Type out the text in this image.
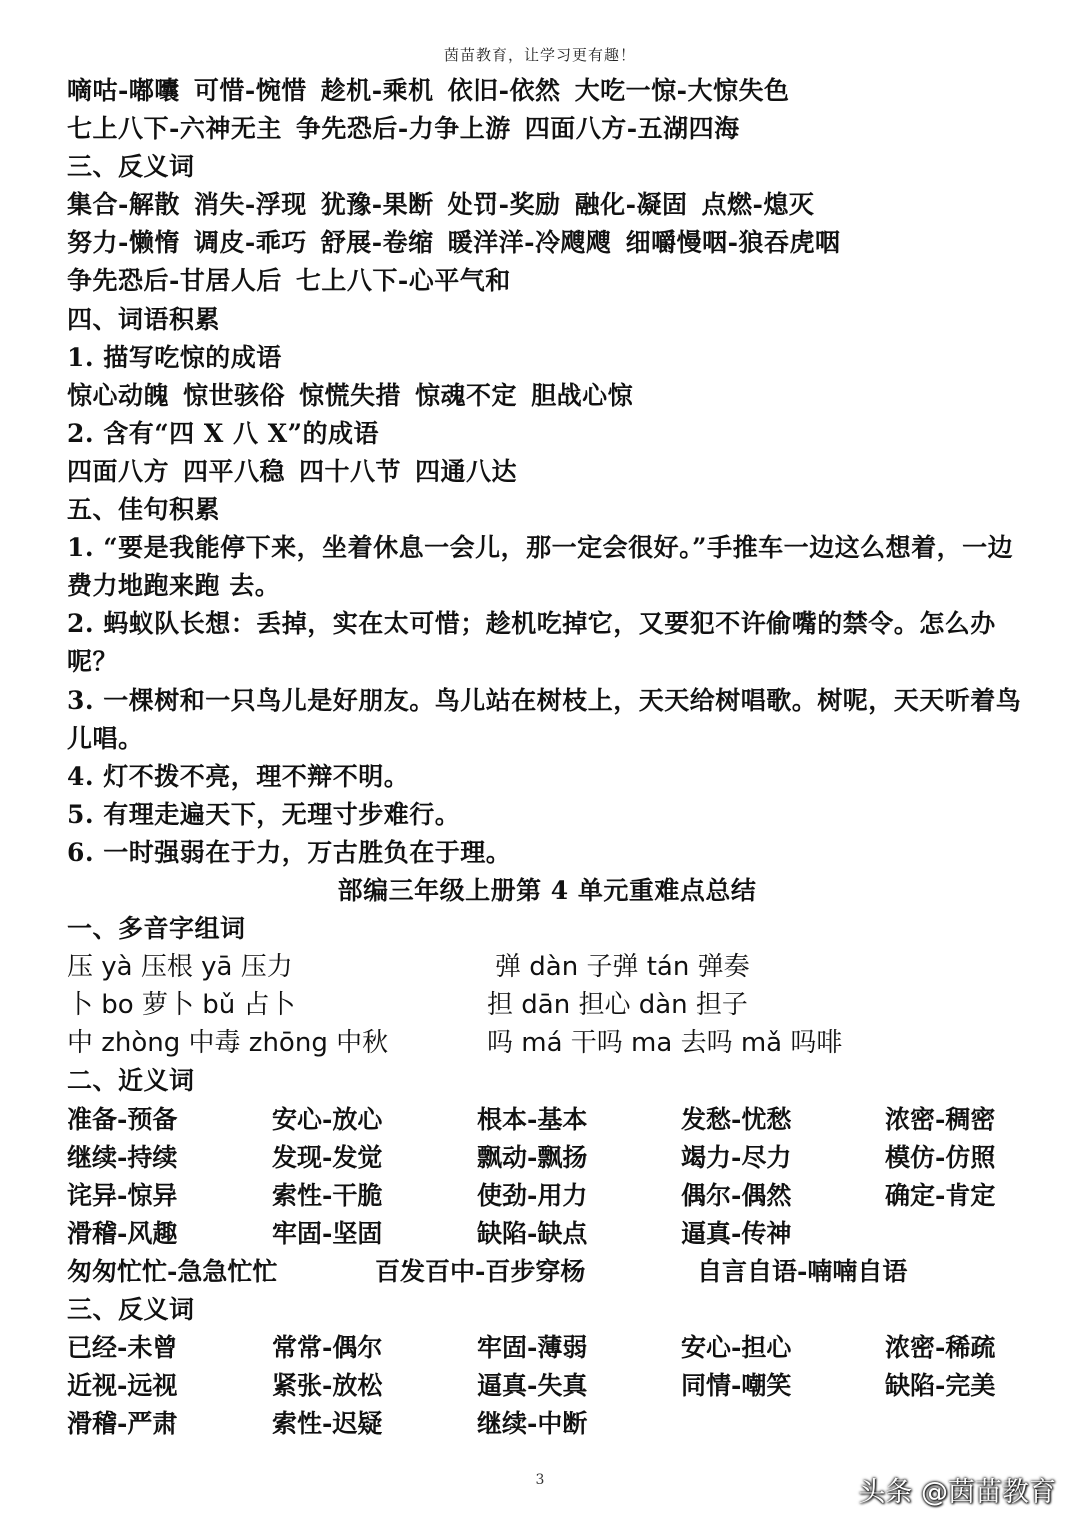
茵苗教育，让学习更有趣！
嘀咕-嘟囔 可惜-惋惜 趁机-乘机 依旧-依然 大吃一惊-大惊失色
七上八下-六神无主 争先恐后-力争上游 四面八方-五湖四海
三、反义词
集合-解散 消失-浮现 犹豫-果断 处罚-奖励 融化-凝固 点燃-熄灭
努力-懒惰 调皮-乖巧 舒展-卷缩 暖洋洋-冷飕飕 细嚼慢咽-狼吞虎咽
争先恐后-甘居人后 七上八下-心平气和
四、词语积累
1. 描写吃惊的成语
惊心动魄 惊世骇俗 惊慌失措 惊魂不定 胆战心惊
2. 含有“四 X 八 X”的成语
四面八方 四平八稳 四十八节 四通八达
五、佳句积累
1. “要是我能停下来，坐着休息一会儿，那一定会很好。”手推车一边这么想着，一边费力地跑来跑 去。
2. 蚂蚁队长想：丢掉，实在太可惜；趁机吃掉它，又要犯不许偷嘴的禁令。怎么办呢？
3. 一棵树和一只鸟儿是好朋友。鸟儿站在树枝上，天天给树唱歌。树呢，天天听着鸟儿唱。
4. 灯不拨不亮，理不辩不明。
5. 有理走遍天下，无理寸步难行。
6. 一时强弱在于力，万古胜负在于理。
部编三年级上册第 4 单元重难点总结
一、多音字组词
压 yà 压根 yā 压力	弹 dàn 子弹 tán 弹奏
卜 bo 萝卜 bǔ 占卜	担 dān 担心 dàn 担子
中 zhòng 中毒 zhōng 中秋	吗 má 干吗 ma 去吗 mǎ 吗啡
二、近义词
准备-预备	安心-放心	根本-基本	发愁-忧愁	浓密-稠密
继续-持续	发现-发觉	飘动-飘扬	竭力-尽力	模仿-仿照
诧异-惊异	索性-干脆	使劲-用力	偶尔-偶然	确定-肯定
滑稽-风趣	牢固-坚固	缺陷-缺点	逼真-传神
匆匆忙忙-急急忙忙	百发百中-百步穿杨	自言自语-喃喃自语
三、反义词
已经-未曾	常常-偶尔	牢固-薄弱	安心-担心	浓密-稀疏
近视-远视	紧张-放松	逼真-失真	同情-嘲笑	缺陷-完美
滑稽-严肃	索性-迟疑	继续-中断
3	头条 @茵苗教育
